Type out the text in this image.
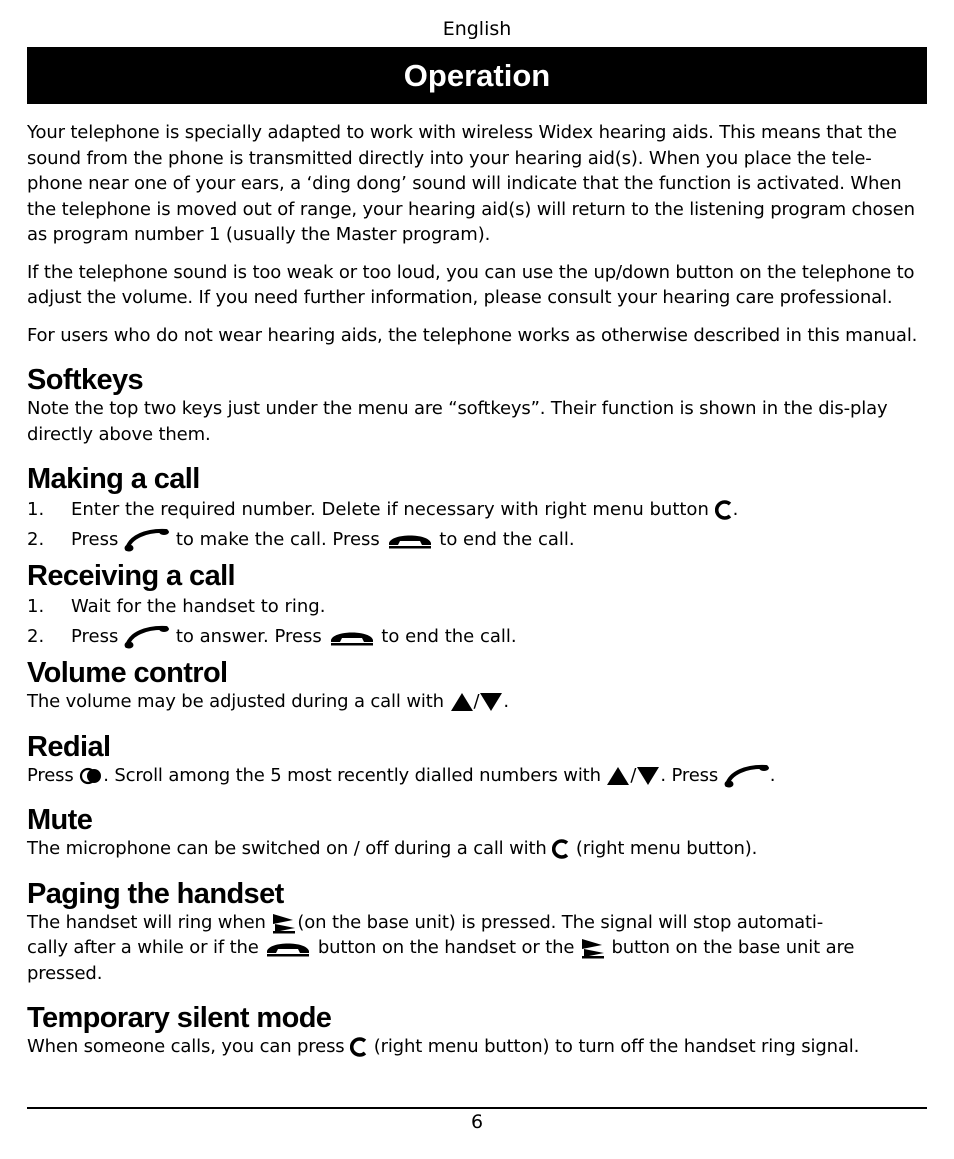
English
Operation

Your telephone is specially adapted to work with wireless Widex hearing aids. This means that the sound from the phone is transmitted directly into your hearing aid(s). When you place the tele-phone near one of your ears, a ‘ding dong’ sound will indicate that the function is activated. When the telephone is moved out of range, your hearing aid(s) will return to the listening program chosen as program number 1 (usually the Master program).

If the telephone sound is too weak or too loud, you can use the up/down button on the telephone to adjust the volume. If you need further information, please consult your hearing care professional.

For users who do not wear hearing aids, the telephone works as otherwise described in this manual.

Softkeys

Note the top two keys just under the menu are “softkeys”. Their function is shown in the dis-play directly above them.

Making a call
1. Enter the required number. Delete if necessary with right menu button .
2. Press	to make the call. Press	to end the call.
Receiving a call
1. Wait for the handset to ring.
2. Press	to answer. Press	to end the call.
Volume control

The volume may be adjusted during a call with / .

Redial

Press . Scroll among the 5 most recently dialled numbers with / . Press	.

Mute

The microphone can be switched on / off during a call with (right menu button).

Paging the handset

The handset will ring when (on the base unit) is pressed. The signal will stop automati-
cally after a while or if the	button on the handset or the button on the base unit are
pressed.

Temporary silent mode

When someone calls, you can press (right menu button) to turn off the handset ring signal.

6
